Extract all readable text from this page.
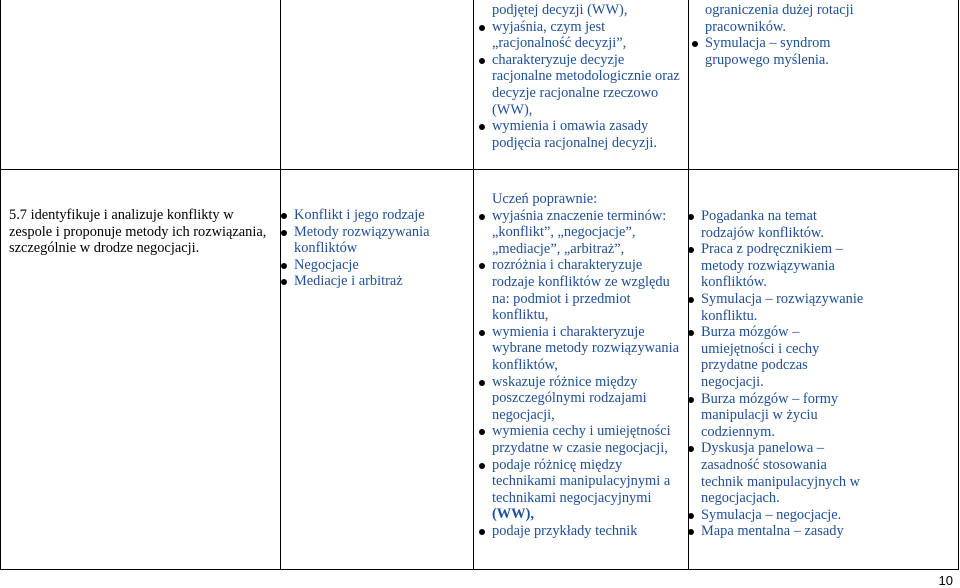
podjętej decyzji (WW),
wyjaśnia, czym jest
„racjonalność decyzji”,
charakteryzuje decyzje
racjonalne metodologicznie oraz
decyzje racjonalne rzeczowo
(WW),
wymienia i omawia zasady
podjęcia racjonalnej decyzji.
ograniczenia dużej rotacji
pracowników.
Symulacja – syndrom
grupowego myślenia.
5.7 identyfikuje i analizuje konflikty w
zespole i proponuje metody ich rozwiązania,
szczególnie w drodze negocjacji.
Konflikt i jego rodzaje
Metody rozwiązywania
konfliktów
Negocjacje
Mediacje i arbitraż
Uczeń poprawnie:
wyjaśnia znaczenie terminów:
„konflikt”, „negocjacje”,
„mediacje”, „arbitraż”,
rozróżnia i charakteryzuje
rodzaje konfliktów ze względu
na: podmiot i przedmiot
konfliktu,
wymienia i charakteryzuje
wybrane metody rozwiązywania
konfliktów,
wskazuje różnice między
poszczególnymi rodzajami
negocjacji,
wymienia cechy i umiejętności
przydatne w czasie negocjacji,
podaje różnicę między
technikami manipulacyjnymi a
technikami negocjacyjnymi
(WW),
podaje przykłady technik
Pogadanka na temat
rodzajów konfliktów.
Praca z podręcznikiem –
metody rozwiązywania
konfliktów.
Symulacja – rozwiązywanie
konfliktu.
Burza mózgów –
umiejętności i cechy
przydatne podczas
negocjacji.
Burza mózgów – formy
manipulacji w życiu
codziennym.
Dyskusja panelowa –
zasadność stosowania
technik manipulacyjnych w
negocjacjach.
Symulacja – negocjacje.
Mapa mentalna – zasady
10
